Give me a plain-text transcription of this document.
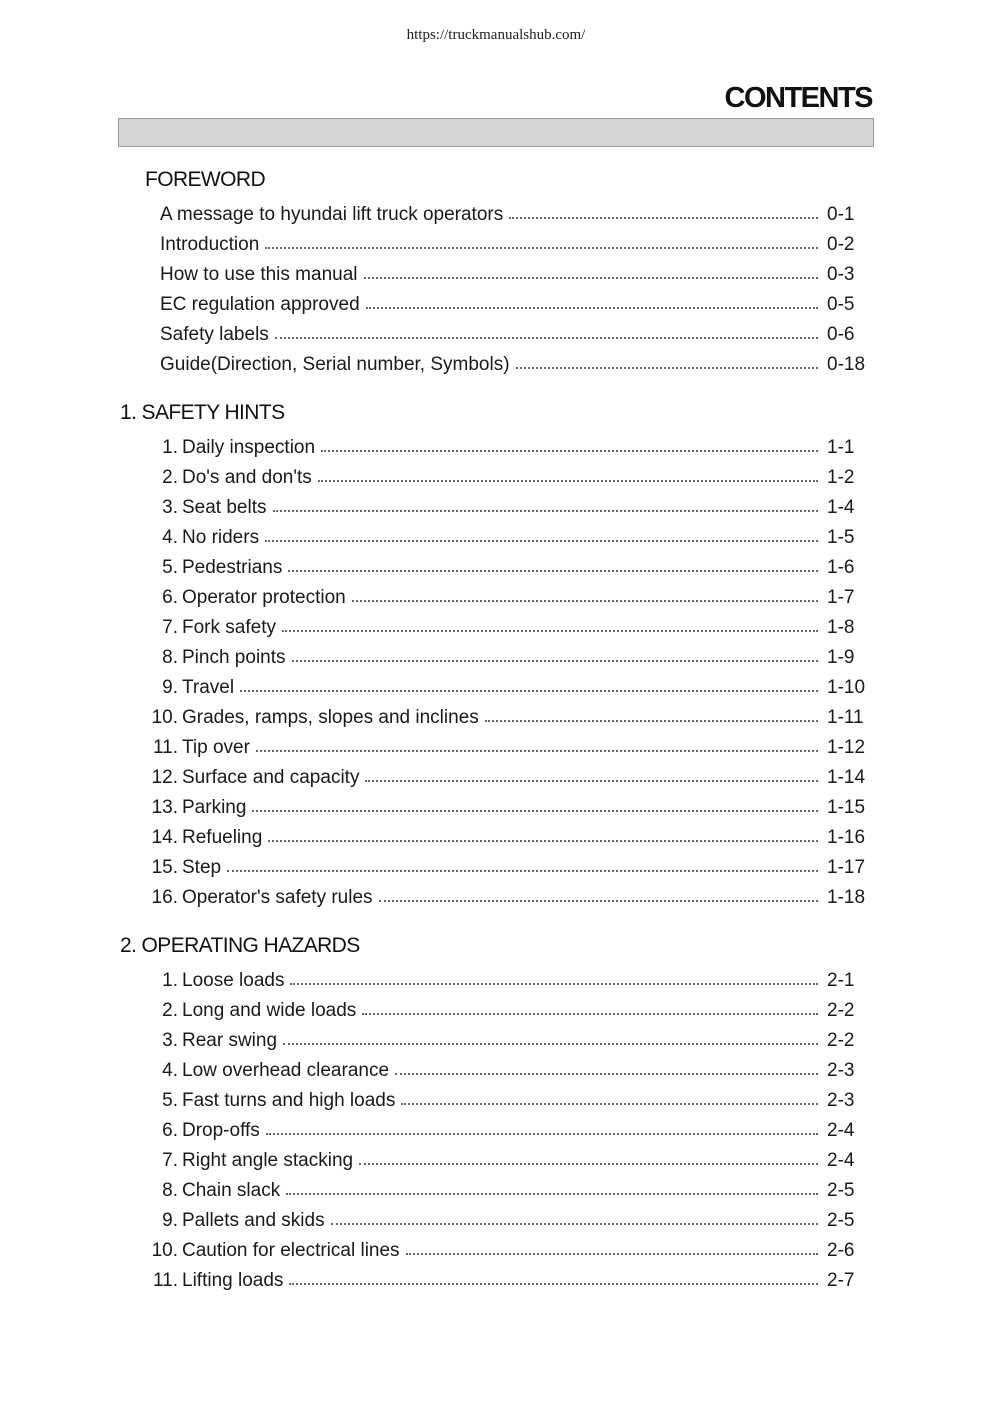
https://truckmanualshub.com/
CONTENTS
FOREWORD
A message to hyundai lift truck operators	0-1
Introduction	0-2
How to use this manual	0-3
EC regulation approved	0-5
Safety labels	0-6
Guide(Direction, Serial number, Symbols)	0-18
1. SAFETY HINTS
1. Daily inspection	1-1
2. Do's and don'ts	1-2
3. Seat belts	1-4
4. No riders	1-5
5. Pedestrians	1-6
6. Operator protection	1-7
7. Fork safety	1-8
8. Pinch points	1-9
9. Travel	1-10
10. Grades, ramps, slopes and inclines	1-11
11. Tip over	1-12
12. Surface and capacity	1-14
13. Parking	1-15
14. Refueling	1-16
15. Step	1-17
16. Operator's safety rules	1-18
2. OPERATING HAZARDS
1. Loose loads	2-1
2. Long and wide loads	2-2
3. Rear swing	2-2
4. Low overhead clearance	2-3
5. Fast turns and high loads	2-3
6. Drop-offs	2-4
7. Right angle stacking	2-4
8. Chain slack	2-5
9. Pallets and skids	2-5
10. Caution for electrical lines	2-6
11. Lifting loads	2-7
